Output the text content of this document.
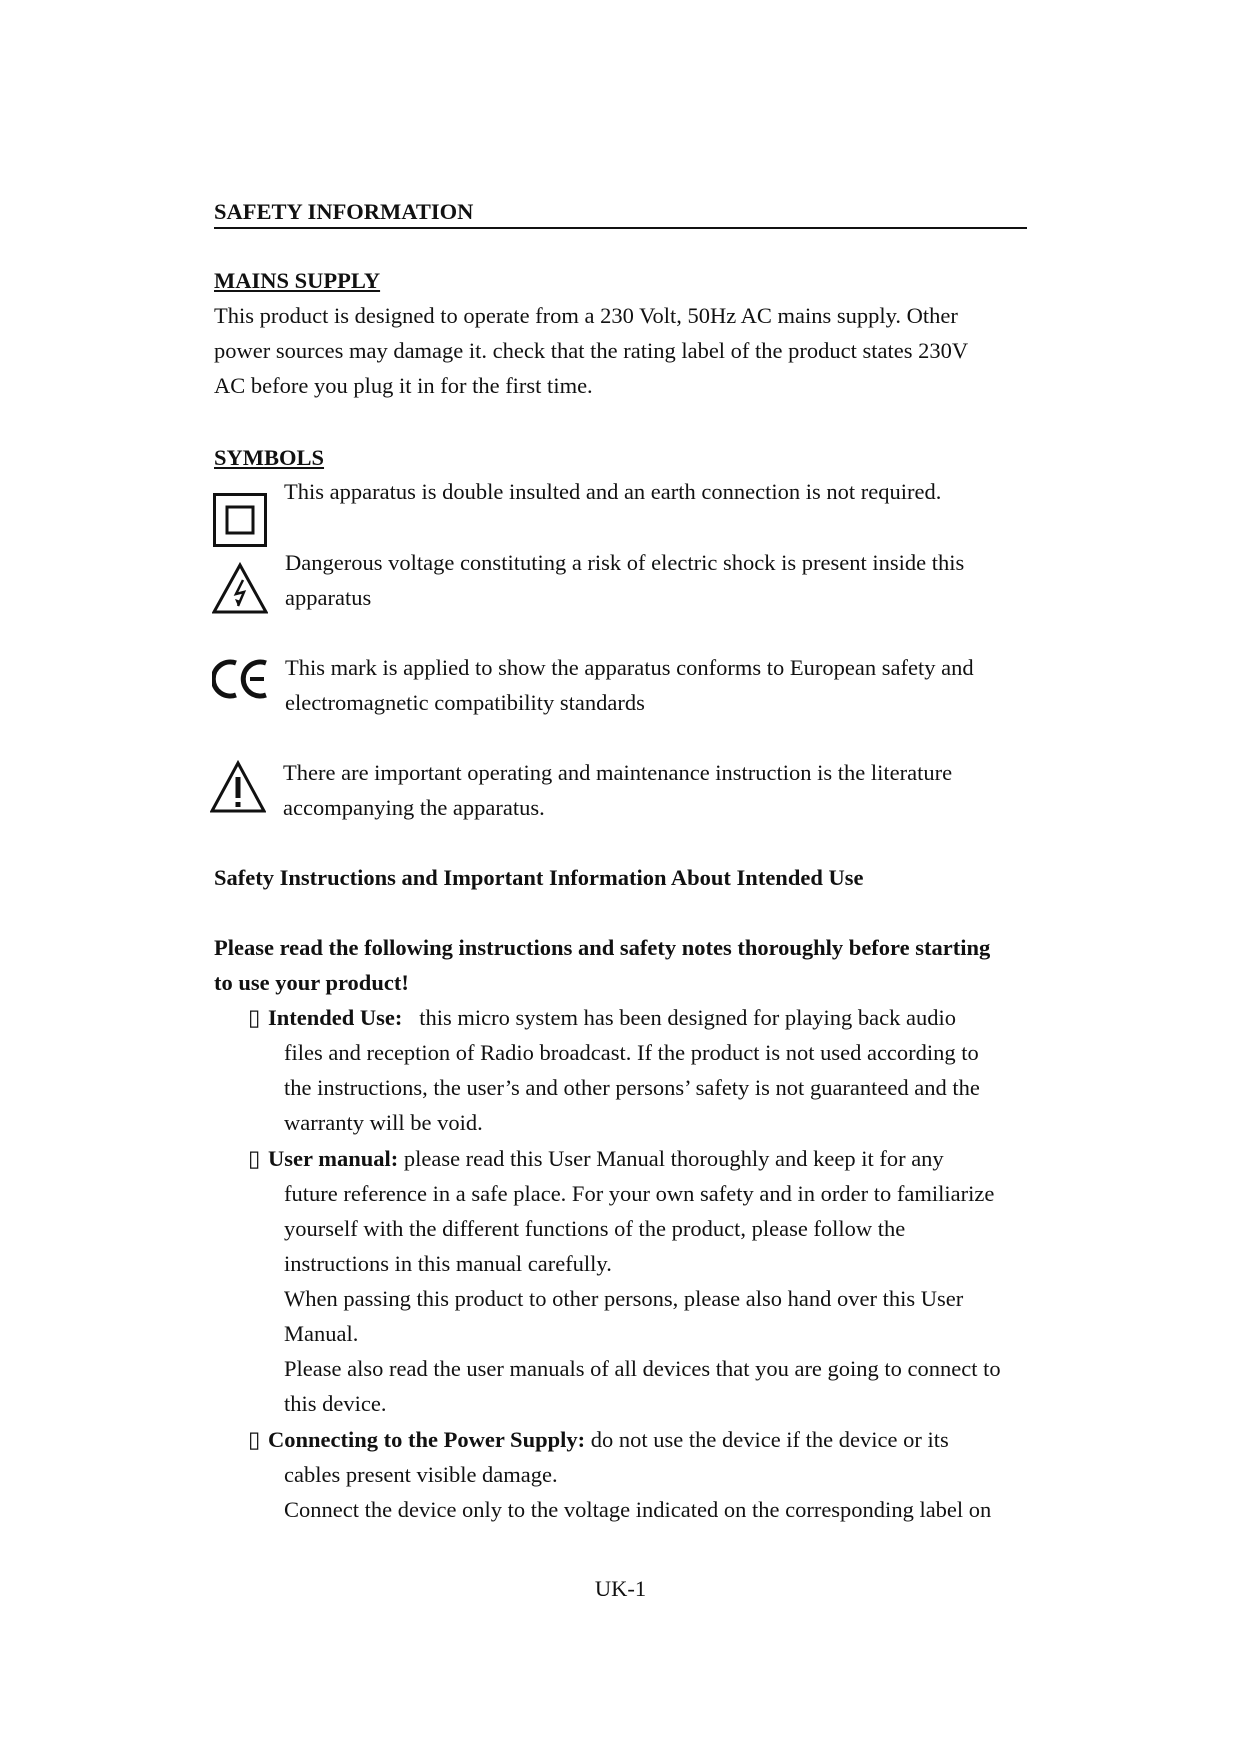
SAFETY INFORMATION
MAINS SUPPLY
This product is designed to operate from a 230 Volt, 50Hz AC mains supply. Other
power sources may damage it. check that the rating label of the product states 230V
AC before you plug it in for the first time.
SYMBOLS
This apparatus is double insulted and an earth connection is not required.
Dangerous voltage constituting a risk of electric shock is present inside this
apparatus
This mark is applied to show the apparatus conforms to European safety and
electromagnetic compatibility standards
There are important operating and maintenance instruction is the literature
accompanying the apparatus.
Safety Instructions and Important Information About Intended Use
Please read the following instructions and safety notes thoroughly before starting
to use your product!
▯ Intended Use:   this micro system has been designed for playing back audio
files and reception of Radio broadcast. If the product is not used according to
the instructions, the user’s and other persons’ safety is not guaranteed and the
warranty will be void.
▯ User manual: please read this User Manual thoroughly and keep it for any
future reference in a safe place. For your own safety and in order to familiarize
yourself with the different functions of the product, please follow the
instructions in this manual carefully.
When passing this product to other persons, please also hand over this User
Manual.
Please also read the user manuals of all devices that you are going to connect to
this device.
▯ Connecting to the Power Supply: do not use the device if the device or its
cables present visible damage.
Connect the device only to the voltage indicated on the corresponding label on
UK-1
